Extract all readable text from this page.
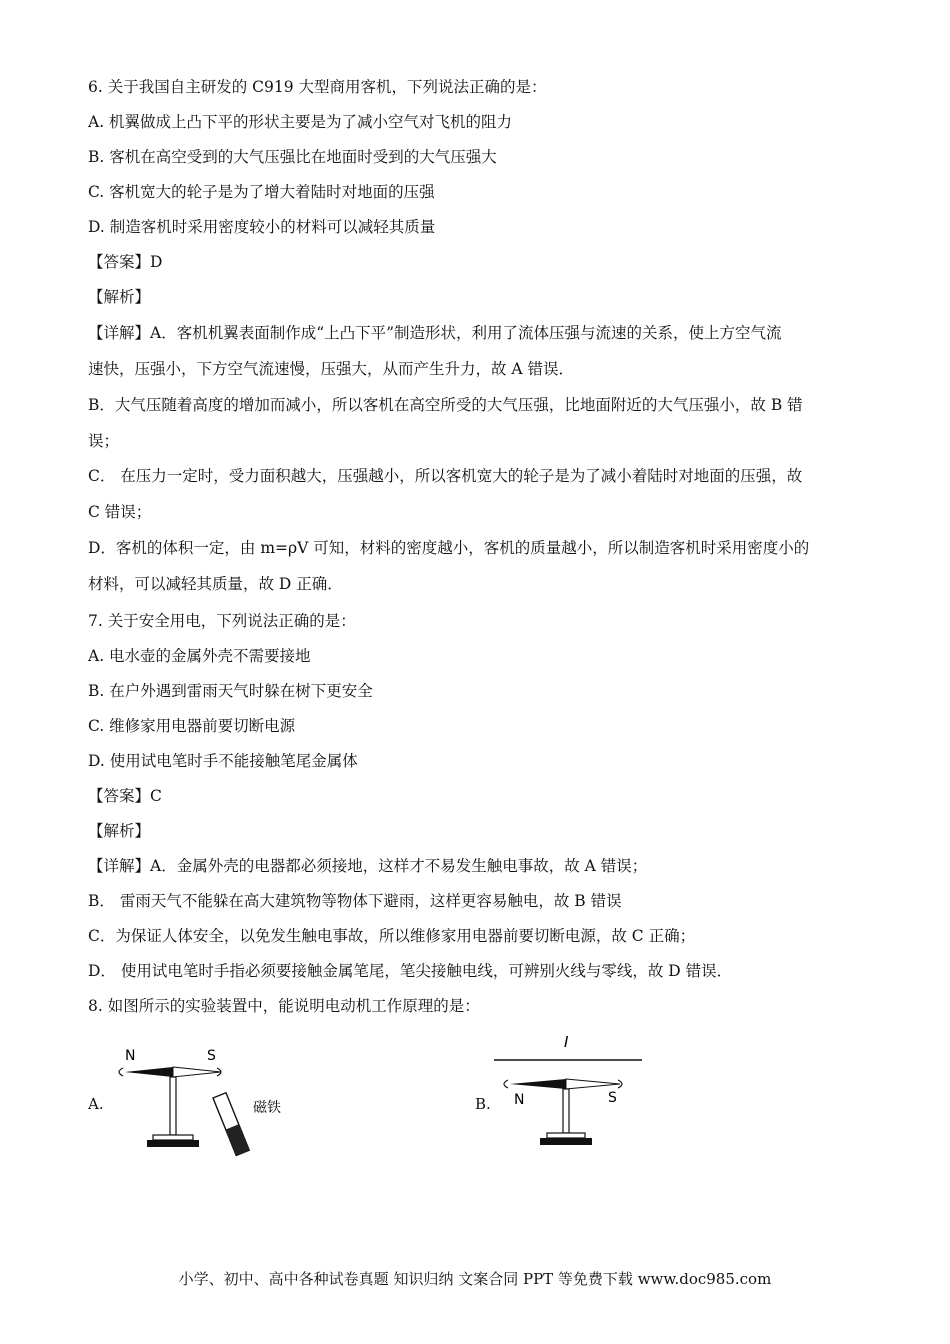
6. 关于我国自主研发的 C919 大型商用客机，下列说法正确的是：
A. 机翼做成上凸下平的形状主要是为了减小空气对飞机的阻力
B. 客机在高空受到的大气压强比在地面时受到的大气压强大
C. 客机宽大的轮子是为了增大着陆时对地面的压强
D. 制造客机时采用密度较小的材料可以减轻其质量
【答案】D
【解析】
【详解】A．客机机翼表面制作成“上凸下平”制造形状，利用了流体压强与流速的关系，使上方空气流
速快，压强小，下方空气流速慢，压强大，从而产生升力，故 A 错误．
B．大气压随着高度的增加而减小，所以客机在高空所受的大气压强，比地面附近的大气压强小，故 B 错
误；
C． 在压力一定时，受力面积越大，压强越小，所以客机宽大的轮子是为了减小着陆时对地面的压强，故
C 错误；
D．客机的体积一定，由 m=ρV 可知，材料的密度越小，客机的质量越小，所以制造客机时采用密度小的
材料，可以减轻其质量，故 D 正确．
7. 关于安全用电，下列说法正确的是：
A. 电水壶的金属外壳不需要接地
B. 在户外遇到雷雨天气时躲在树下更安全
C. 维修家用电器前要切断电源
D. 使用试电笔时手不能接触笔尾金属体
【答案】C
【解析】
【详解】A．金属外壳的电器都必须接地，这样才不易发生触电事故，故 A 错误；
B． 雷雨天气不能躲在高大建筑物等物体下避雨，这样更容易触电，故 B 错误
C．为保证人体安全，以免发生触电事故，所以维修家用电器前要切断电源，故 C 正确；
D． 使用试电笔时手指必须要接触金属笔尾，笔尖接触电线，可辨别火线与零线，故 D 错误．
8. 如图所示的实验装置中，能说明电动机工作原理的是：
A.
N	S
磁铁	B.
I
N	S
小学、初中、高中各种试卷真题 知识归纳 文案合同 PPT 等免费下载 www.doc985.com
